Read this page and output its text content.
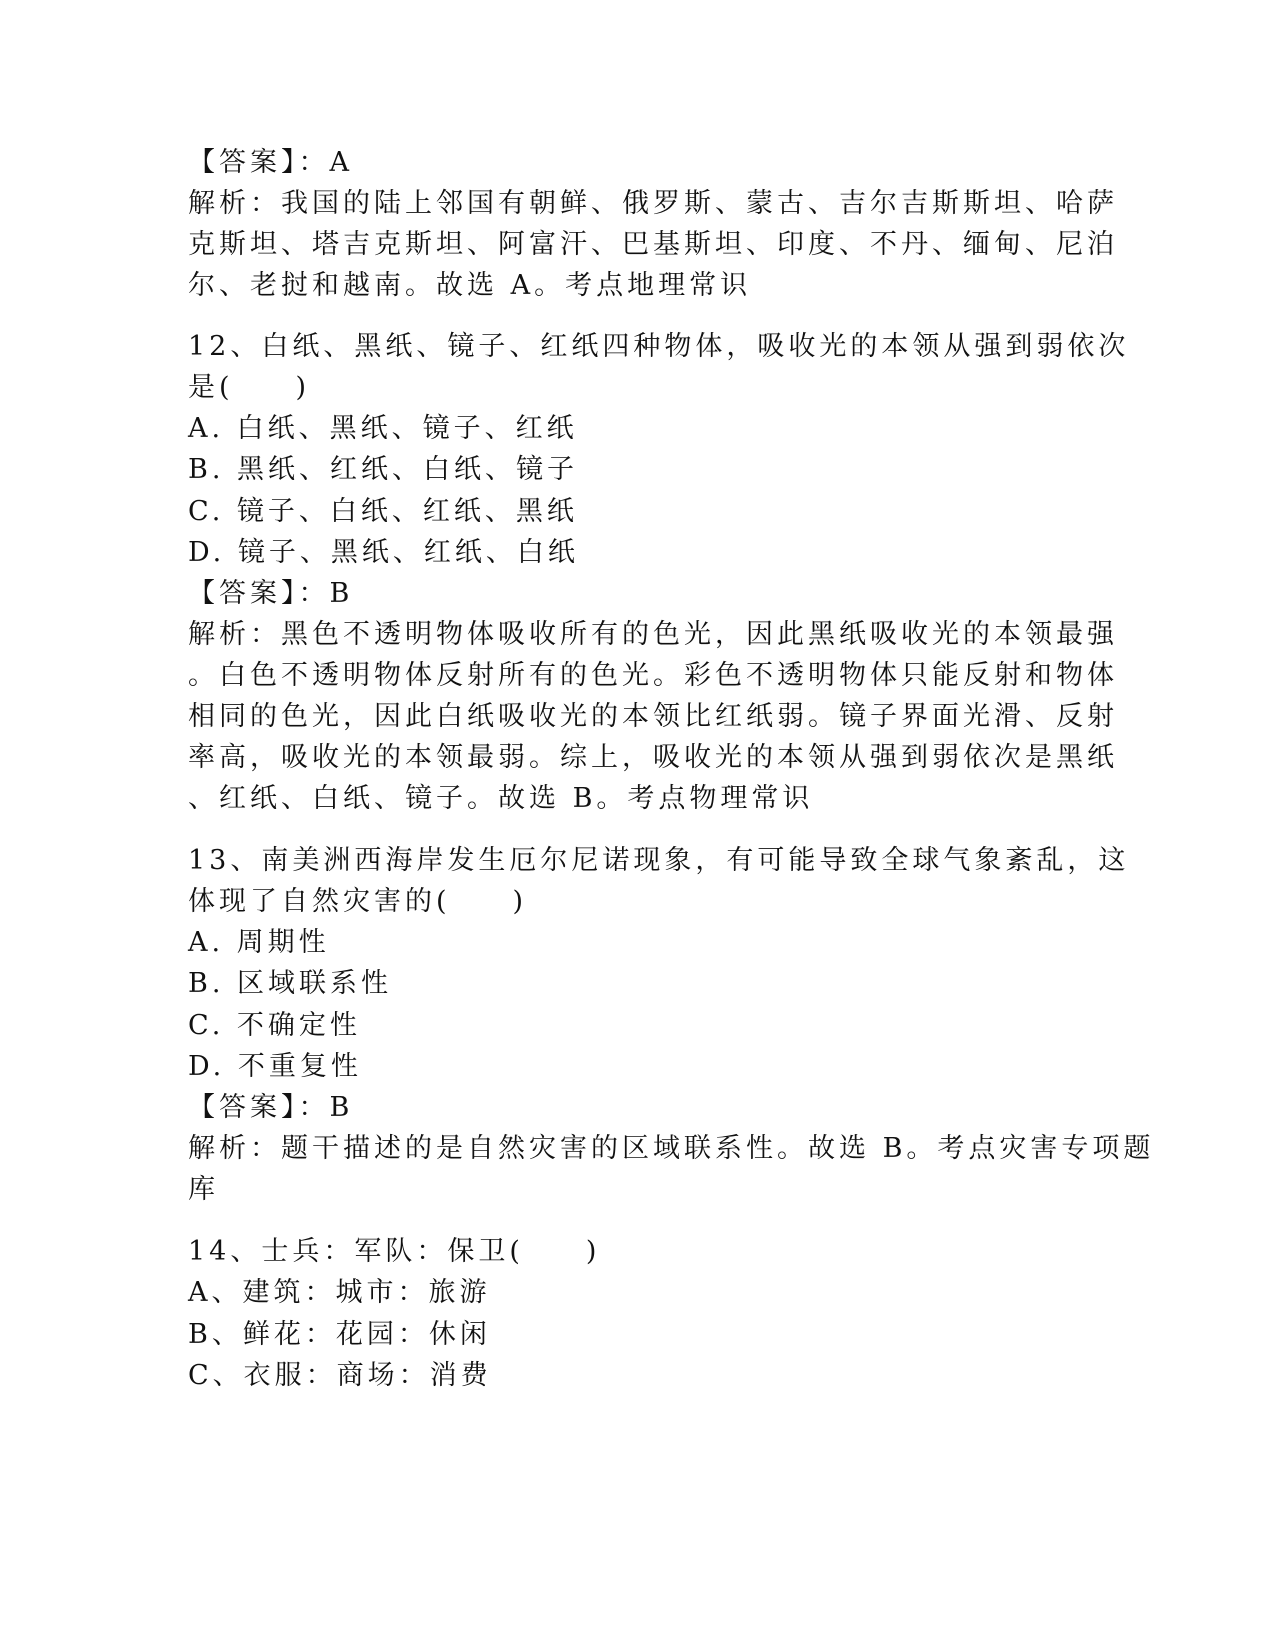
【答案】：A

解析：我国的陆上邻国有朝鲜、俄罗斯、蒙古、吉尔吉斯斯坦、哈萨

克斯坦、塔吉克斯坦、阿富汗、巴基斯坦、印度、不丹、缅甸、尼泊

尔、老挝和越南。故选 A。考点地理常识

12、白纸、黑纸、镜子、红纸四种物体，吸收光的本领从强到弱依次

是(　　)

A. 白纸、黑纸、镜子、红纸

B. 黑纸、红纸、白纸、镜子

C. 镜子、白纸、红纸、黑纸

D. 镜子、黑纸、红纸、白纸

【答案】：B

解析：黑色不透明物体吸收所有的色光，因此黑纸吸收光的本领最强

。白色不透明物体反射所有的色光。彩色不透明物体只能反射和物体

相同的色光，因此白纸吸收光的本领比红纸弱。镜子界面光滑、反射

率高，吸收光的本领最弱。综上，吸收光的本领从强到弱依次是黑纸

、红纸、白纸、镜子。故选 B。考点物理常识

13、南美洲西海岸发生厄尔尼诺现象，有可能导致全球气象紊乱，这

体现了自然灾害的(　　)

A. 周期性

B. 区域联系性

C. 不确定性

D. 不重复性

【答案】：B

解析：题干描述的是自然灾害的区域联系性。故选 B。考点灾害专项题

库

14、士兵：军队：保卫(　　)

A、建筑：城市：旅游

B、鲜花：花园：休闲

C、衣服：商场：消费
